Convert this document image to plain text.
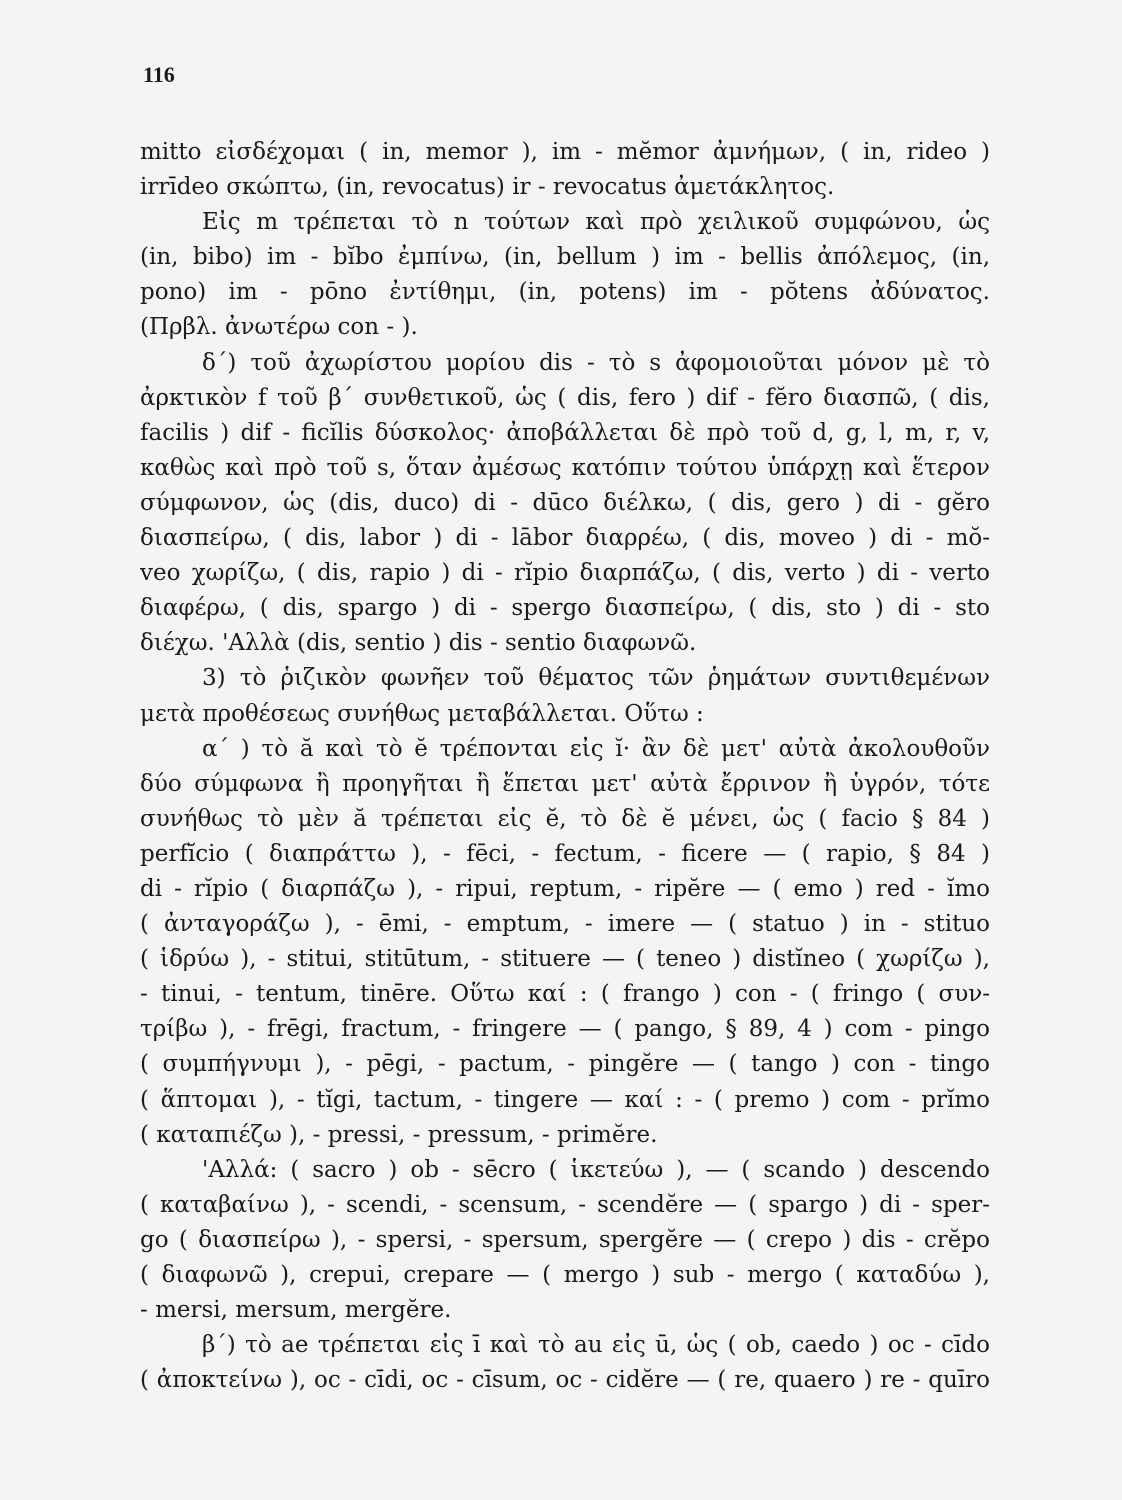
116
mitto εἰσδέχομαι ( in, memor ), im - mĕmor ἀμνήμων, ( in, rideo )
irrīdeo σκώπτω, (in, revocatus) ir - revocatus ἀμετάκλητος.
Εἰς m τρέπεται τὸ n τούτων καὶ πρὸ χειλικοῦ συμφώνου, ὡς
(in, bibo) im - bĭbo ἐμπίνω, (in, bellum ) im - bellis ἀπόλεμος, (in,
pono) im - pōno ἐντίθημι, (in, potens) im - pŏtens ἀδύνατος.
(Πρβλ. ἀνωτέρω con - ).
δ΄) τοῦ ἀχωρίστου μορίου dis - τὸ s ἀφομοιοῦται μόνον μὲ τὸ
ἀρκτικὸν f τοῦ β΄ συνθετικοῦ, ὡς ( dis, fero ) dif - fĕro διασπῶ, ( dis,
facilis ) dif - ficĭlis δύσκολος· ἀποβάλλεται δὲ πρὸ τοῦ d, g, l, m, r, v,
καθὼς καὶ πρὸ τοῦ s, ὅταν ἀμέσως κατόπιν τούτου ὑπάρχῃ καὶ ἕτερον
σύμφωνον, ὡς (dis, duco) di - dūco διέλκω, ( dis, gero ) di - gĕro
διασπείρω, ( dis, labor ) di - lābor διαρρέω, ( dis, moveo ) di - mŏ-
veo χωρίζω, ( dis, rapio ) di - rĭpio διαρπάζω, ( dis, verto ) di - verto
διαφέρω, ( dis, spargo ) di - spergo διασπείρω, ( dis, sto ) di - sto
διέχω. 'Αλλὰ (dis, sentio ) dis - sentio διαφωνῶ.
3) τὸ ῥιζικὸν φωνῆεν τοῦ θέματος τῶν ῥημάτων συντιθεμένων
μετὰ προθέσεως συνήθως μεταβάλλεται. Οὕτω :
α΄ ) τὸ ă καὶ τὸ ĕ τρέπονται εἰς ĭ· ἂν δὲ μετ' αὐτὰ ἀκολουθοῦν
δύο σύμφωνα ἢ προηγῆται ἢ ἕπεται μετ' αὐτὰ ἔρρινον ἢ ὑγρόν, τότε
συνήθως τὸ μὲν ă τρέπεται εἰς ĕ, τὸ δὲ ĕ μένει, ὡς ( facio § 84 )
perfĭcio ( διαπράττω ), - fēci, - fectum, - ficere — ( rapio, § 84 )
di - rĭpio ( διαρπάζω ), - ripui, reptum, - ripĕre — ( emo ) red - ĭmo
( ἀνταγοράζω ), - ēmi, - emptum, - imere — ( statuo ) in - stituo
( ἱδρύω ), - stitui, stitūtum, - stituere — ( teneo ) distĭneo ( χωρίζω ),
- tinui, - tentum, tinēre. Οὕτω καί : ( frango ) con - ( fringo ( συν-
τρίβω ), - frēgi, fractum, - fringere — ( pango, § 89, 4 ) com - pingo
( συμπήγνυμι ), - pēgi, - pactum, - pingĕre — ( tango ) con - tingo
( ἅπτομαι ), - tĭgi, tactum, - tingere — καί : - ( premo ) com - prĭmo
( καταπιέζω ), - pressi, - pressum, - primĕre.
'Αλλά: ( sacro ) ob - sēcro ( ἱκετεύω ), — ( scando ) descendo
( καταβαίνω ), - scendi, - scensum, - scendĕre — ( spargo ) di - sper-
go ( διασπείρω ), - spersi, - spersum, spergĕre — ( crepo ) dis - crĕpo
( διαφωνῶ ), crepui, crepare — ( mergo ) sub - mergo ( καταδύω ),
- mersi, mersum, mergĕre.
β΄) τὸ ae τρέπεται εἰς ī καὶ τὸ au εἰς ū, ὡς ( ob, caedo ) oc - cīdo
( ἀποκτείνω ), oc - cīdi, oc - cīsum, oc - cidĕre — ( re, quaero ) re - quīro
